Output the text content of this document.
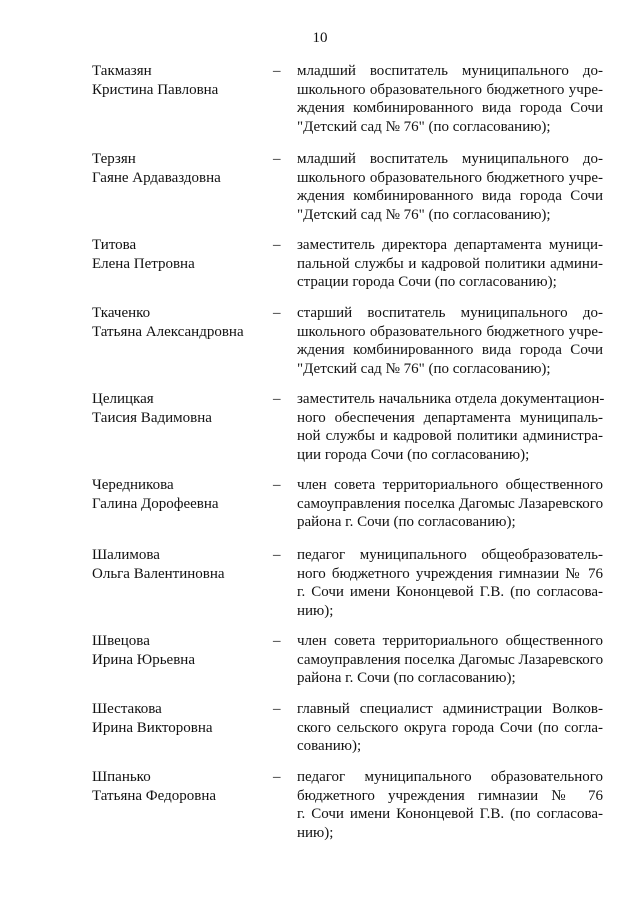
10
Такмазян
Кристина Павловна
– младший воспитатель муниципального до-
школьного образовательного бюджетного учре-
ждения комбинированного вида города Сочи
"Детский сад № 76" (по согласованию);
Терзян
Гаяне Ардаваздовна
– младший воспитатель муниципального до-
школьного образовательного бюджетного учре-
ждения комбинированного вида города Сочи
"Детский сад № 76" (по согласованию);
Титова
Елена Петровна
– заместитель директора департамента муници-
пальной службы и кадровой политики админи-
страции города Сочи (по согласованию);
Ткаченко
Татьяна Александровна
– старший воспитатель муниципального до-
школьного образовательного бюджетного учре-
ждения комбинированного вида города Сочи
"Детский сад № 76" (по согласованию);
Целицкая
Таисия Вадимовна
– заместитель начальника отдела документацион-
ного обеспечения департамента муниципаль-
ной службы и кадровой политики администра-
ции города Сочи (по согласованию);
Чередникова
Галина Дорофеевна
– член совета территориального общественного
самоуправления поселка Дагомыс Лазаревского
района г. Сочи (по согласованию);
Шалимова
Ольга Валентиновна
– педагог муниципального общеобразователь-
ного бюджетного учреждения гимназии № 76
г. Сочи имени Кононцевой Г.В. (по согласова-
нию);
Швецова
Ирина Юрьевна
– член совета территориального общественного
самоуправления поселка Дагомыс Лазаревского
района г. Сочи (по согласованию);
Шестакова
Ирина Викторовна
– главный специалист администрации Волков-
ского сельского округа города Сочи (по согла-
сованию);
Шпанько
Татьяна Федоровна
– педагог муниципального образовательного
бюджетного учреждения гимназии № 76
г. Сочи имени Кононцевой Г.В. (по согласова-
нию);
